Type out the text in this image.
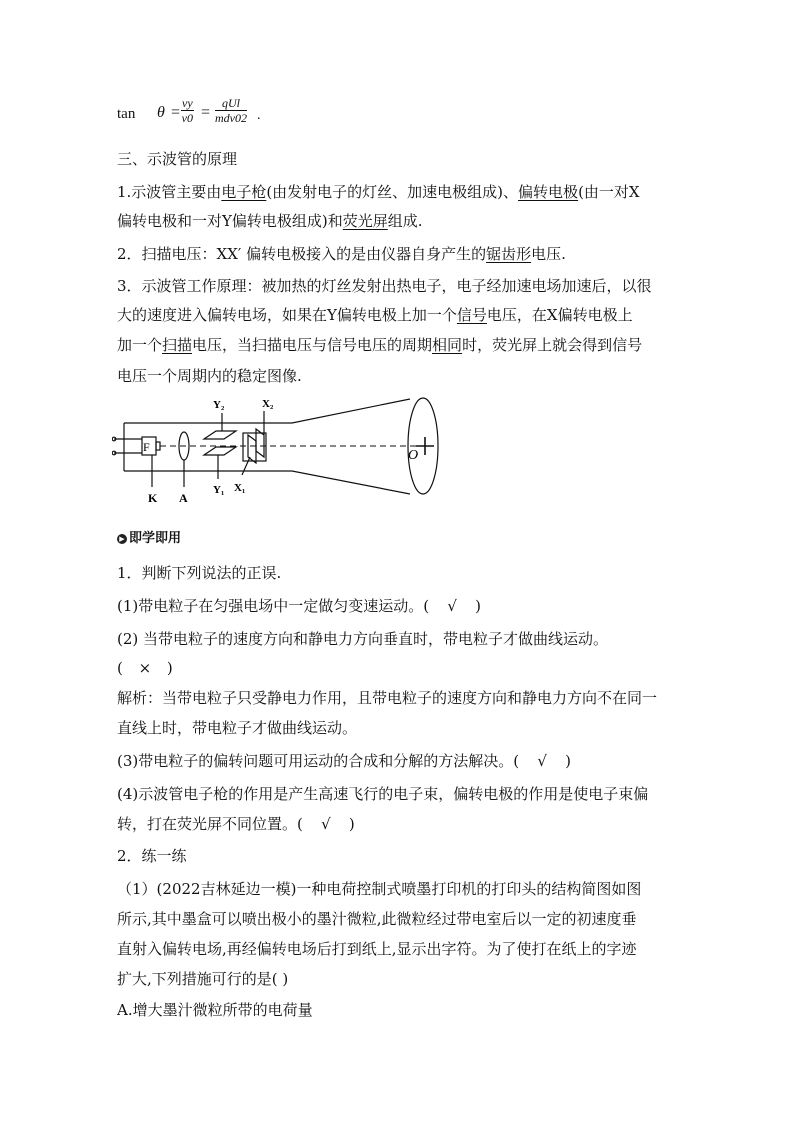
$\tan \theta = \frac{vy}{v0}$ =
qUl
mdv02 .
三、示波管的原理
1.示波管主要由电子枪(由发射电子的灯丝、加速电极组成)、偏转电极(由一对X
偏转电极和一对Y偏转电极组成)和荧光屏组成.
2．扫描电压：XX′ 偏转电极接入的是由仪器自身产生的锯齿形电压.
3．示波管工作原理：被加热的灯丝发射出热电子，电子经加速电场加速后，以很
大的速度进入偏转电场，如果在Y偏转电极上加一个信号电压，在X偏转电极上
加一个扫描电压，当扫描电压与信号电压的周期相同时，荧光屏上就会得到信号
电压一个周期内的稳定图像.
F
K A
Y₂
Y₁
X₂
X₁
O
▶ 即学即用
1．判断下列说法的正误.
(1)带电粒子在匀强电场中一定做匀变速运动。( √ )
(2) 当带电粒子的速度方向和静电力方向垂直时，带电粒子才做曲线运动。
( × )
解析：当带电粒子只受静电力作用，且带电粒子的速度方向和静电力方向不在同一
直线上时，带电粒子才做曲线运动。
(3)带电粒子的偏转问题可用运动的合成和分解的方法解决。( √ )
(4)示波管电子枪的作用是产生高速飞行的电子束，偏转电极的作用是使电子束偏
转，打在荧光屏不同位置。( √ )
2．练一练
（1）(2022吉林延边一模)一种电荷控制式喷墨打印机的打印头的结构简图如图
所示,其中墨盒可以喷出极小的墨汁微粒,此微粒经过带电室后以一定的初速度垂
直射入偏转电场,再经偏转电场后打到纸上,显示出字符。为了使打在纸上的字迹
扩大,下列措施可行的是( )
A.增大墨汁微粒所带的电荷量
